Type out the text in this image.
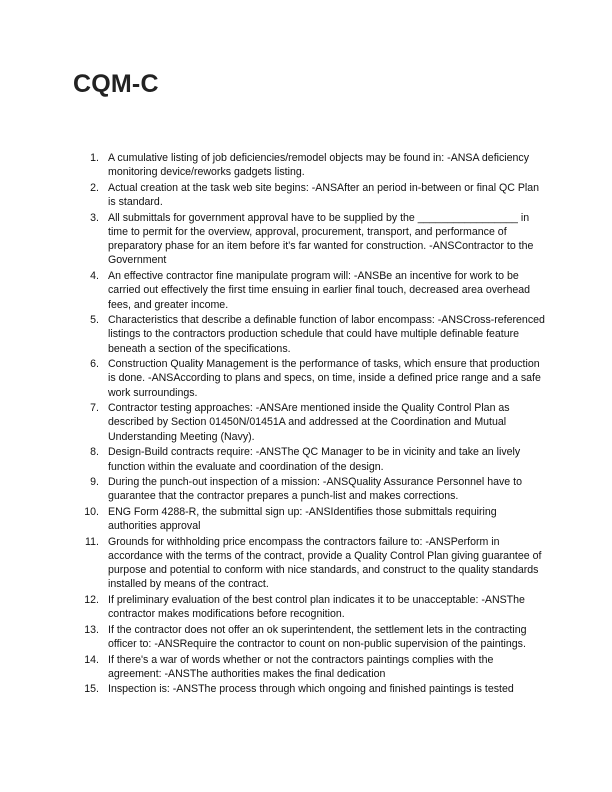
CQM-C
1. A cumulative listing of job deficiencies/remodel objects may be found in: -ANSA deficiency monitoring device/reworks gadgets listing.
2. Actual creation at the task web site begins: -ANSAfter an period in-between or final QC Plan is standard.
3. All submittals for government approval have to be supplied by the _________________ in time to permit for the overview, approval, procurement, transport, and performance of preparatory phase for an item before it's far wanted for construction. -ANSContractor to the Government
4. An effective contractor fine manipulate program will: -ANSBe an incentive for work to be carried out effectively the first time ensuing in earlier final touch, decreased area overhead fees, and greater income.
5. Characteristics that describe a definable function of labor encompass: -ANSCross-referenced listings to the contractors production schedule that could have multiple definable feature beneath a section of the specifications.
6. Construction Quality Management is the performance of tasks, which ensure that production is done. -ANSAccording to plans and specs, on time, inside a defined price range and a safe work surroundings.
7. Contractor testing approaches: -ANSAre mentioned inside the Quality Control Plan as described by Section 01450N/01451A and addressed at the Coordination and Mutual Understanding Meeting (Navy).
8. Design-Build contracts require: -ANSThe QC Manager to be in vicinity and take an lively function within the evaluate and coordination of the design.
9. During the punch-out inspection of a mission: -ANSQuality Assurance Personnel have to guarantee that the contractor prepares a punch-list and makes corrections.
10. ENG Form 4288-R, the submittal sign up: -ANSIdentifies those submittals requiring authorities approval
11. Grounds for withholding price encompass the contractors failure to: -ANSPerform in accordance with the terms of the contract, provide a Quality Control Plan giving guarantee of purpose and potential to conform with nice standards, and construct to the quality standards installed by means of the contract.
12. If preliminary evaluation of the best control plan indicates it to be unacceptable: -ANSThe contractor makes modifications before recognition.
13. If the contractor does not offer an ok superintendent, the settlement lets in the contracting officer to: -ANSRequire the contractor to count on non-public supervision of the paintings.
14. If there's a war of words whether or not the contractors paintings complies with the agreement: -ANSThe authorities makes the final dedication
15. Inspection is: -ANSThe process through which ongoing and finished paintings is tested
